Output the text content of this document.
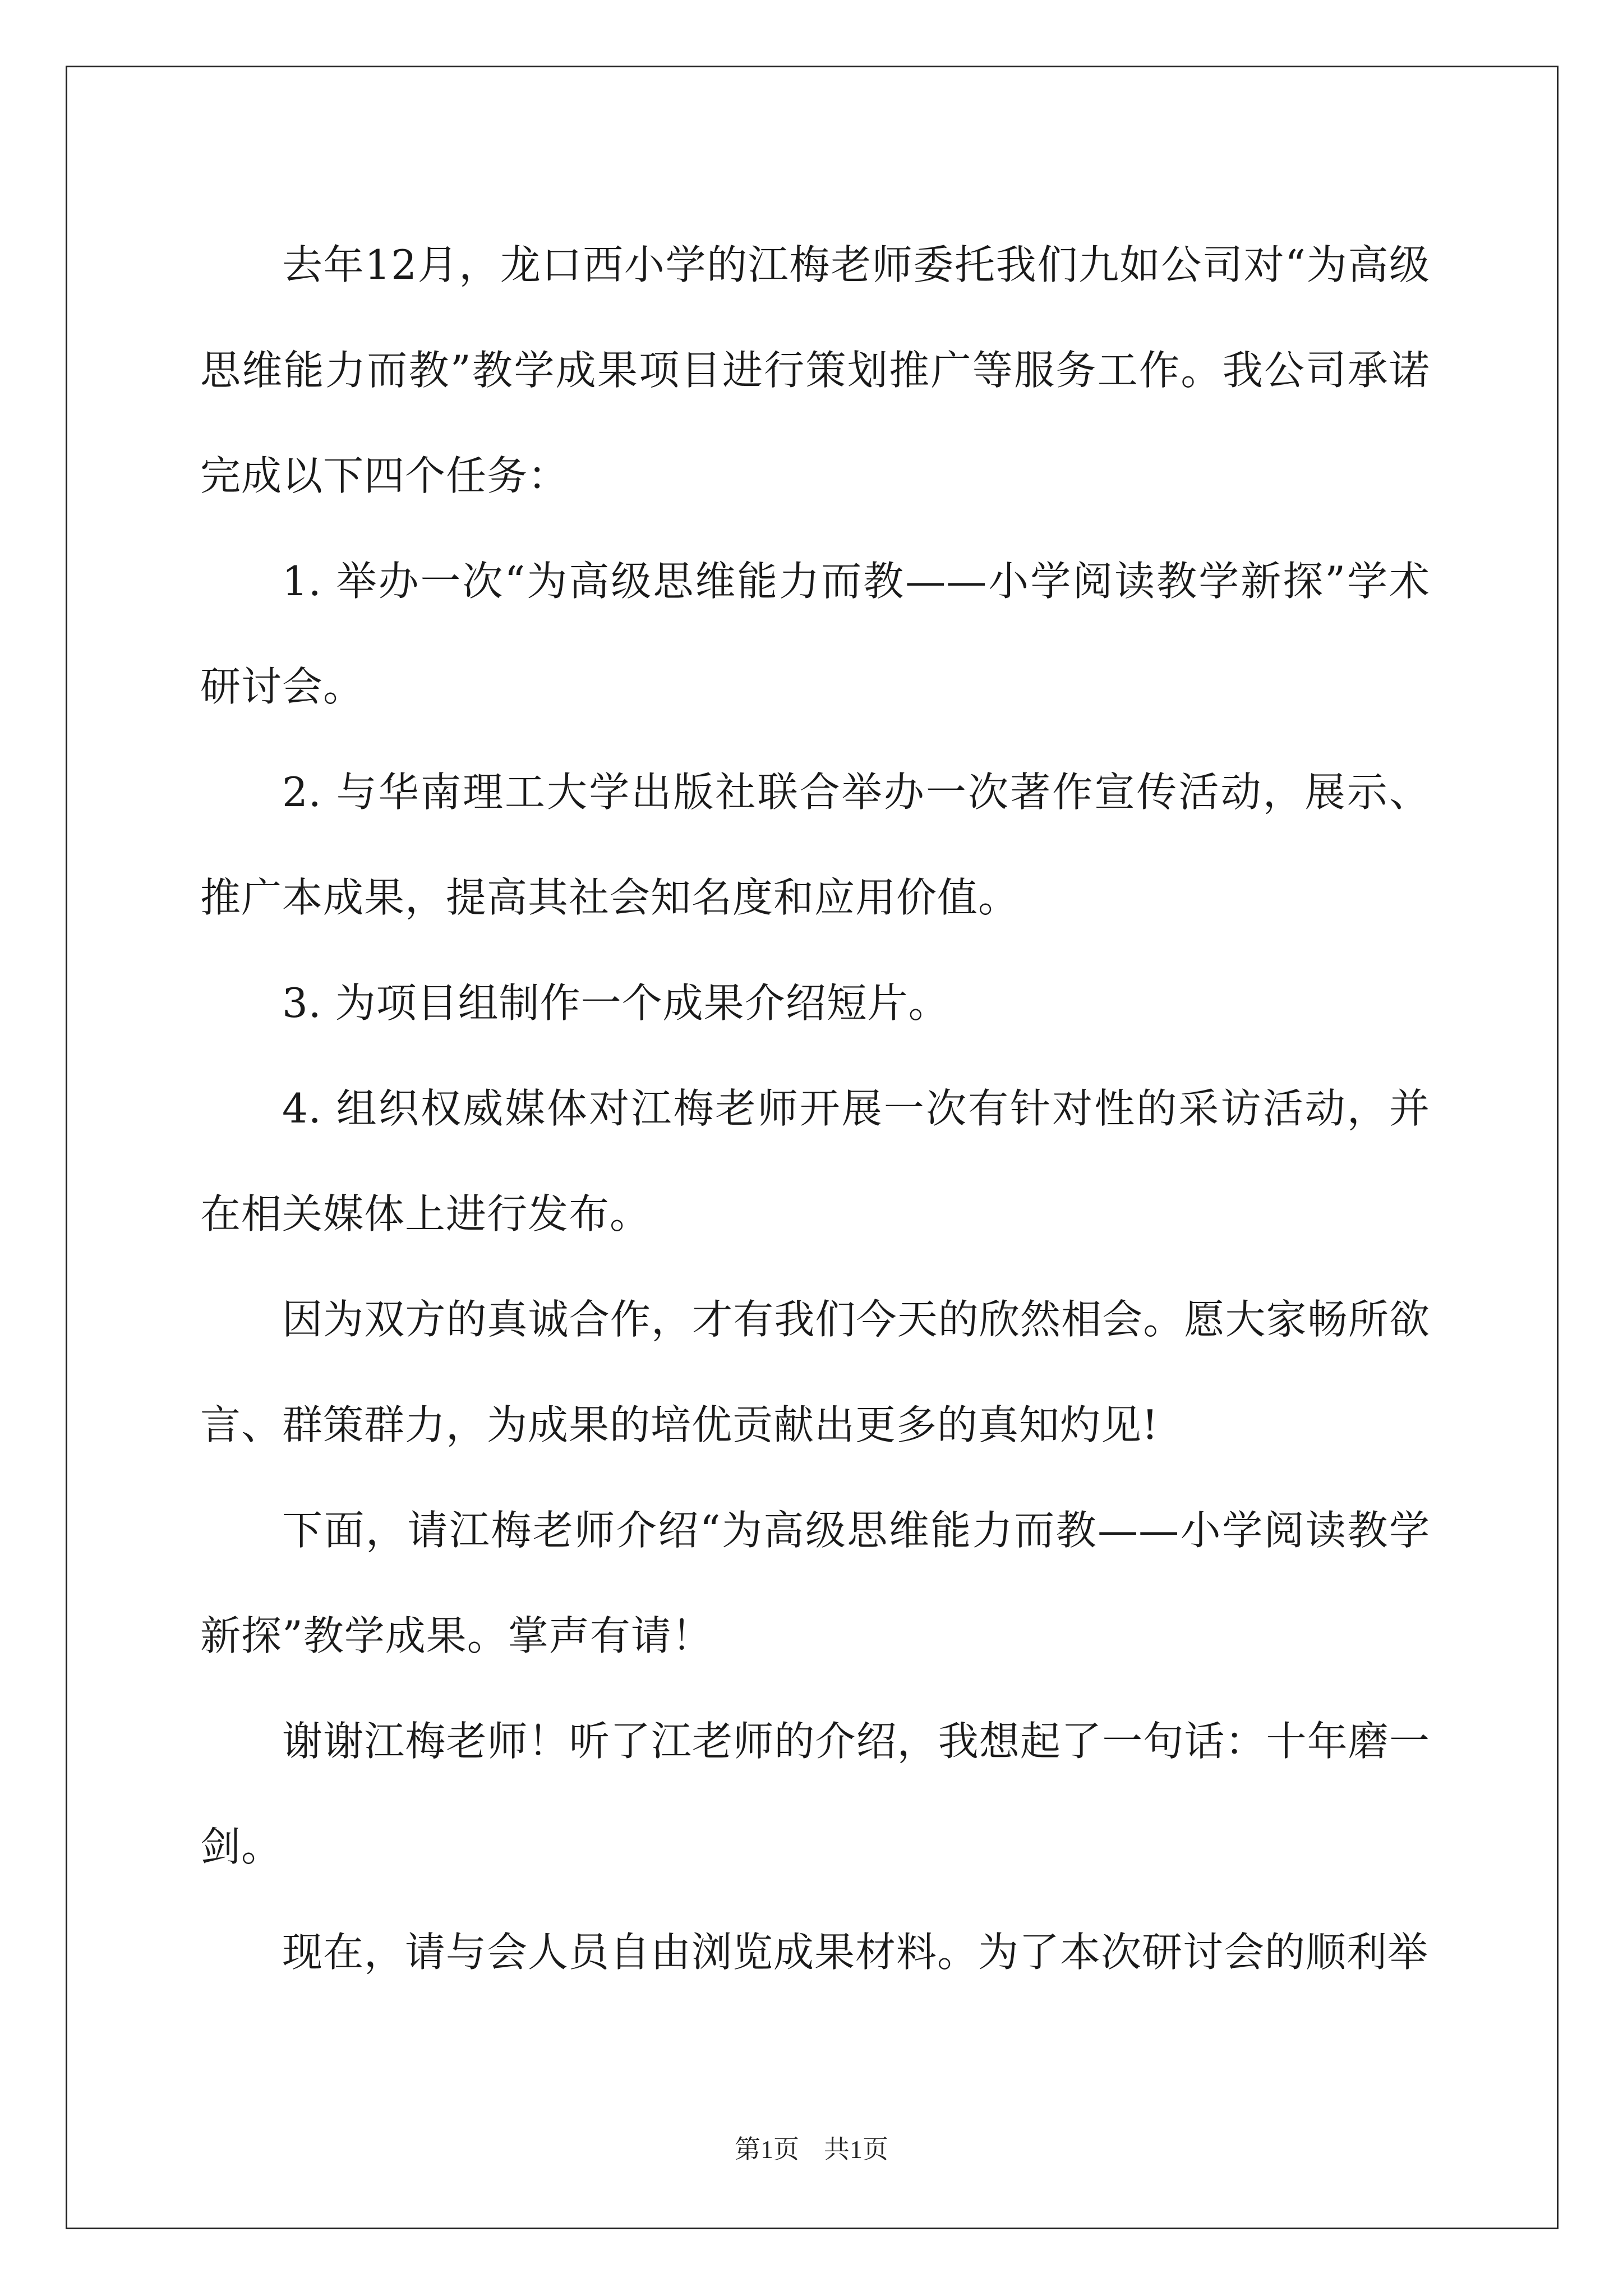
去年12月，龙口西小学的江梅老师委托我们九如公司对“为高级思维能力而教”教学成果项目进行策划推广等服务工作。我公司承诺完成以下四个任务：

1. 举办一次“为高级思维能力而教——小学阅读教学新探”学术研讨会。

2. 与华南理工大学出版社联合举办一次著作宣传活动，展示、推广本成果，提高其社会知名度和应用价值。

3. 为项目组制作一个成果介绍短片。

4. 组织权威媒体对江梅老师开展一次有针对性的采访活动，并在相关媒体上进行发布。

因为双方的真诚合作，才有我们今天的欣然相会。愿大家畅所欲言、群策群力，为成果的培优贡献出更多的真知灼见!

下面，请江梅老师介绍“为高级思维能力而教——小学阅读教学新探”教学成果。掌声有请！

谢谢江梅老师！听了江老师的介绍，我想起了一句话：十年磨一剑。

现在，请与会人员自由浏览成果材料。为了本次研讨会的顺利举

第1页 共1页
